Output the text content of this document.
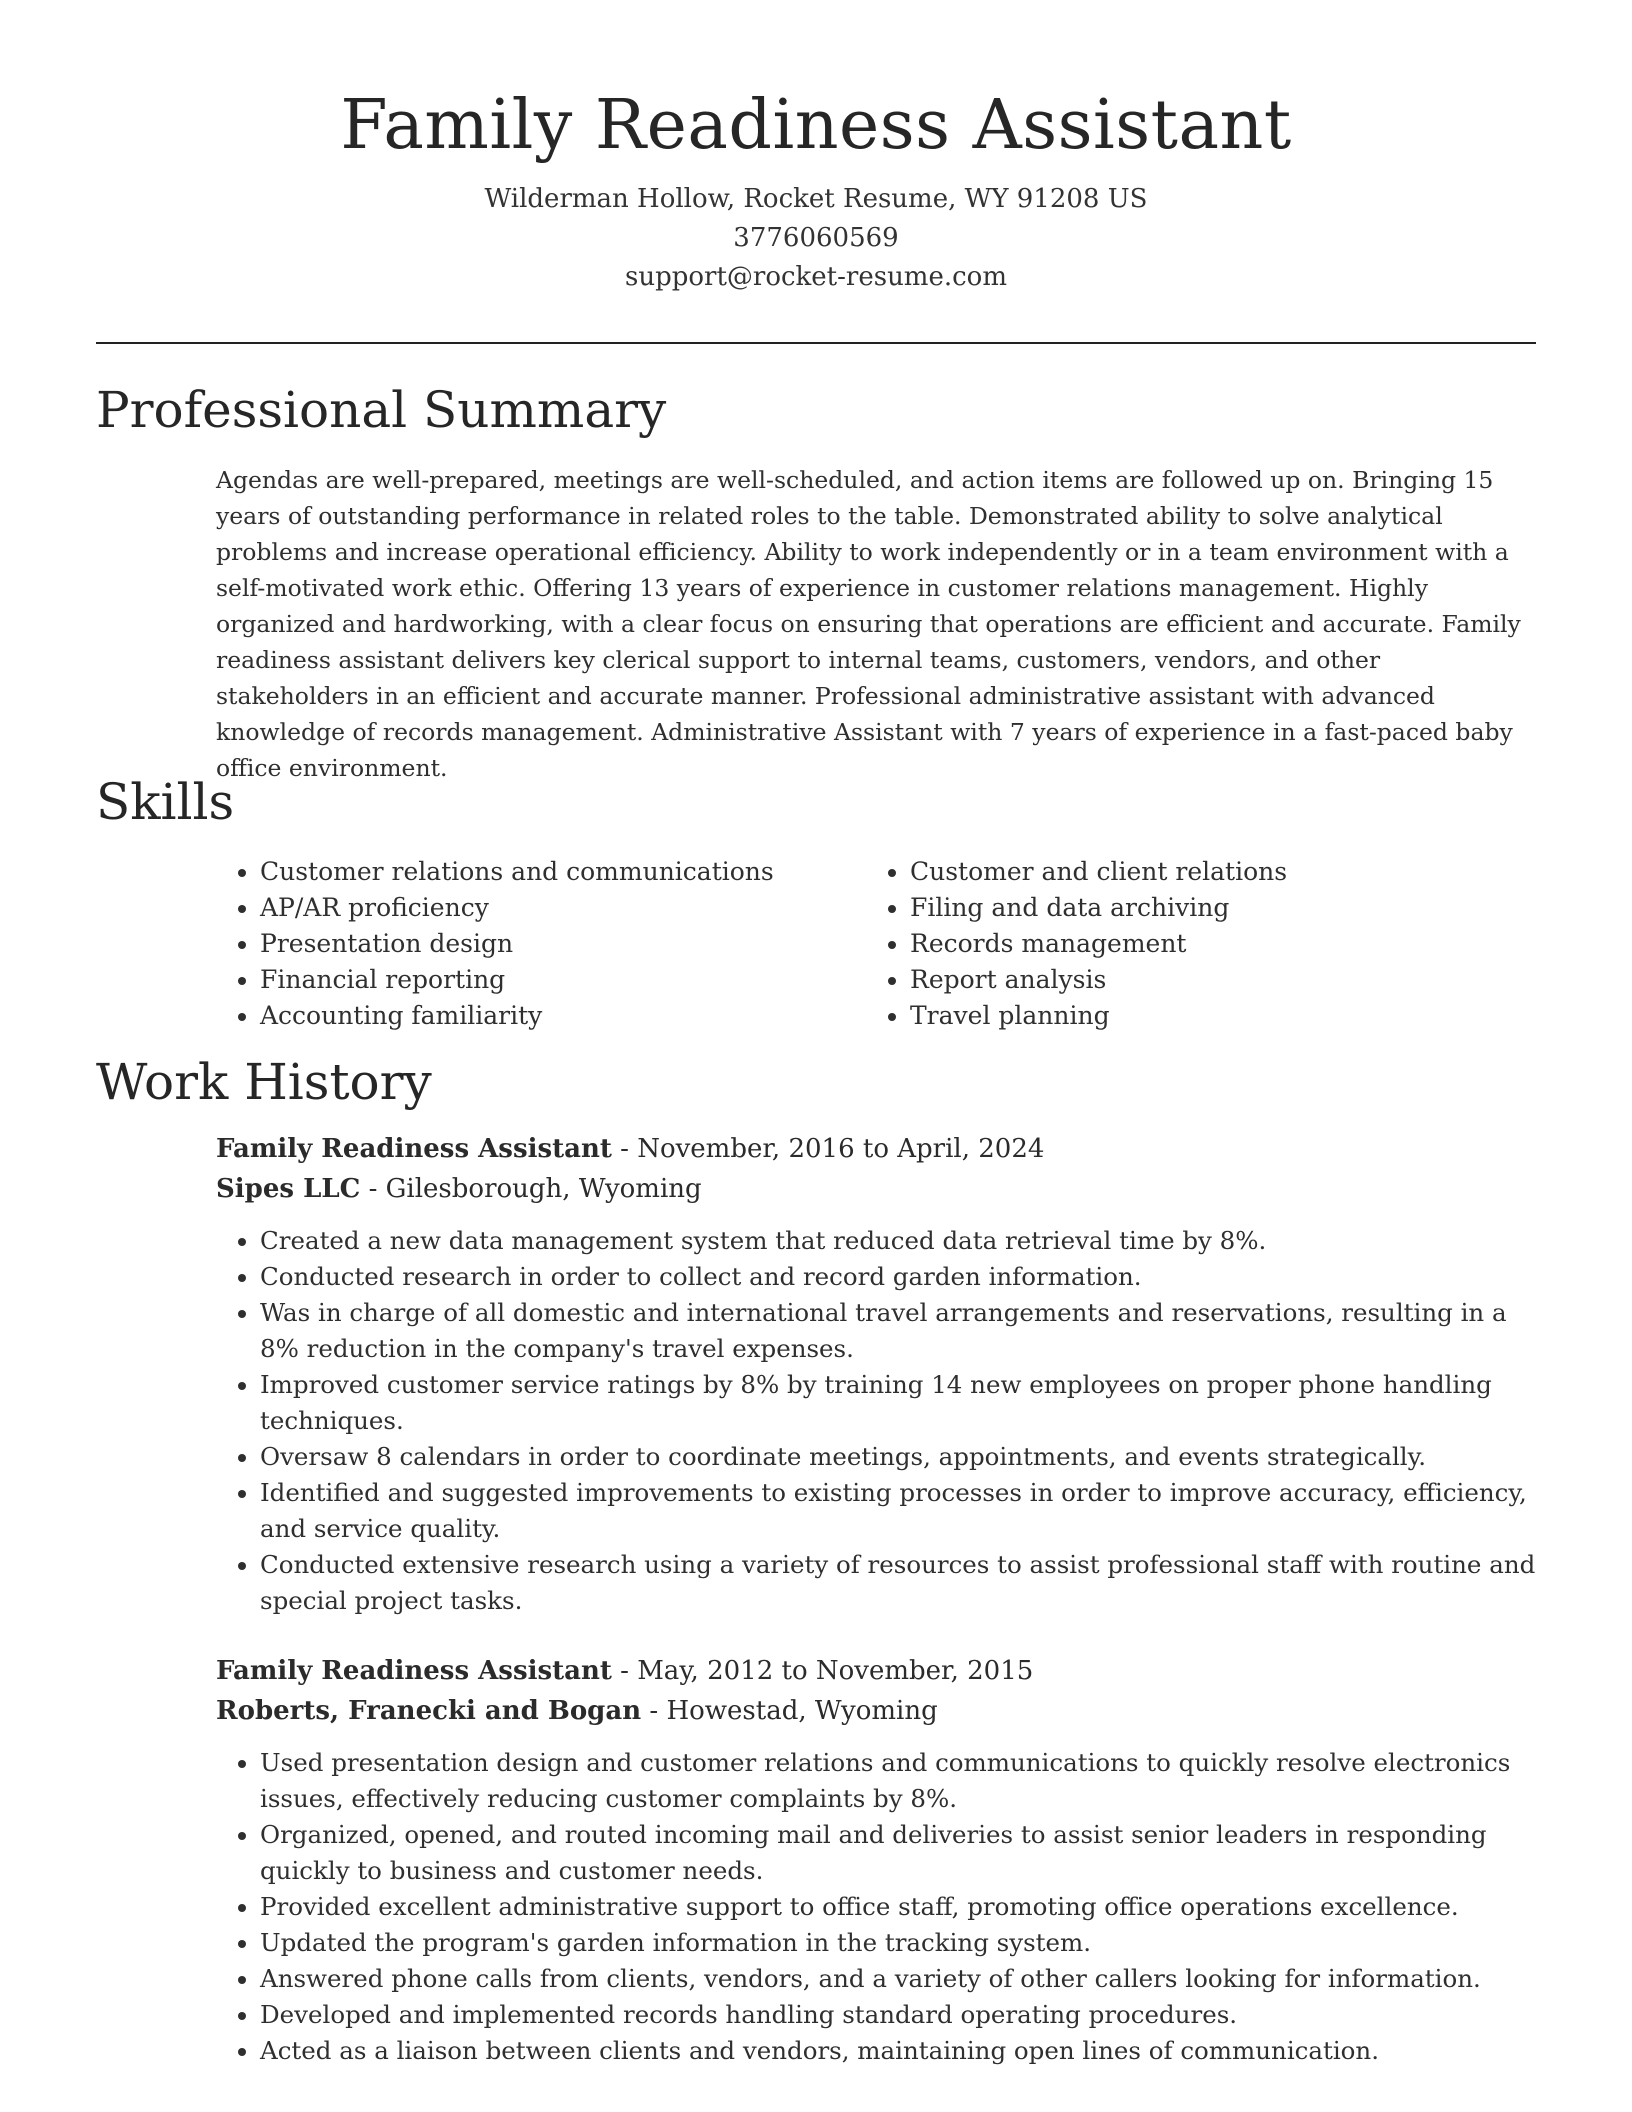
Family Readiness Assistant
Wilderman Hollow, Rocket Resume, WY 91208 US
3776060569
support@rocket-resume.com
Professional Summary

Agendas are well-prepared, meetings are well-scheduled, and action items are followed up on. Bringing 15 years of outstanding performance in related roles to the table. Demonstrated ability to solve analytical problems and increase operational efficiency. Ability to work independently or in a team environment with a self-motivated work ethic. Offering 13 years of experience in customer relations management. Highly organized and hardworking, with a clear focus on ensuring that operations are efficient and accurate. Family readiness assistant delivers key clerical support to internal teams, customers, vendors, and other stakeholders in an efficient and accurate manner. Professional administrative assistant with advanced knowledge of records management. Administrative Assistant with 7 years of experience in a fast-paced baby office environment.

Skills
• Customer relations and communications
• AP/AR proficiency
• Presentation design
• Financial reporting
• Accounting familiarity
• Customer and client relations
• Filing and data archiving
• Records management
• Report analysis
• Travel planning
Work History
Family Readiness Assistant - November, 2016 to April, 2024
Sipes LLC - Gilesborough, Wyoming
• Created a new data management system that reduced data retrieval time by 8%.
• Conducted research in order to collect and record garden information.
• Was in charge of all domestic and international travel arrangements and reservations, resulting in a 8% reduction in the company's travel expenses.
• Improved customer service ratings by 8% by training 14 new employees on proper phone handling techniques.
• Oversaw 8 calendars in order to coordinate meetings, appointments, and events strategically.
• Identified and suggested improvements to existing processes in order to improve accuracy, efficiency, and service quality.
• Conducted extensive research using a variety of resources to assist professional staff with routine and special project tasks.
Family Readiness Assistant - May, 2012 to November, 2015
Roberts, Franecki and Bogan - Howestad, Wyoming
• Used presentation design and customer relations and communications to quickly resolve electronics issues, effectively reducing customer complaints by 8%.
• Organized, opened, and routed incoming mail and deliveries to assist senior leaders in responding quickly to business and customer needs.
• Provided excellent administrative support to office staff, promoting office operations excellence.
• Updated the program's garden information in the tracking system.
• Answered phone calls from clients, vendors, and a variety of other callers looking for information.
• Developed and implemented records handling standard operating procedures.
• Acted as a liaison between clients and vendors, maintaining open lines of communication.
